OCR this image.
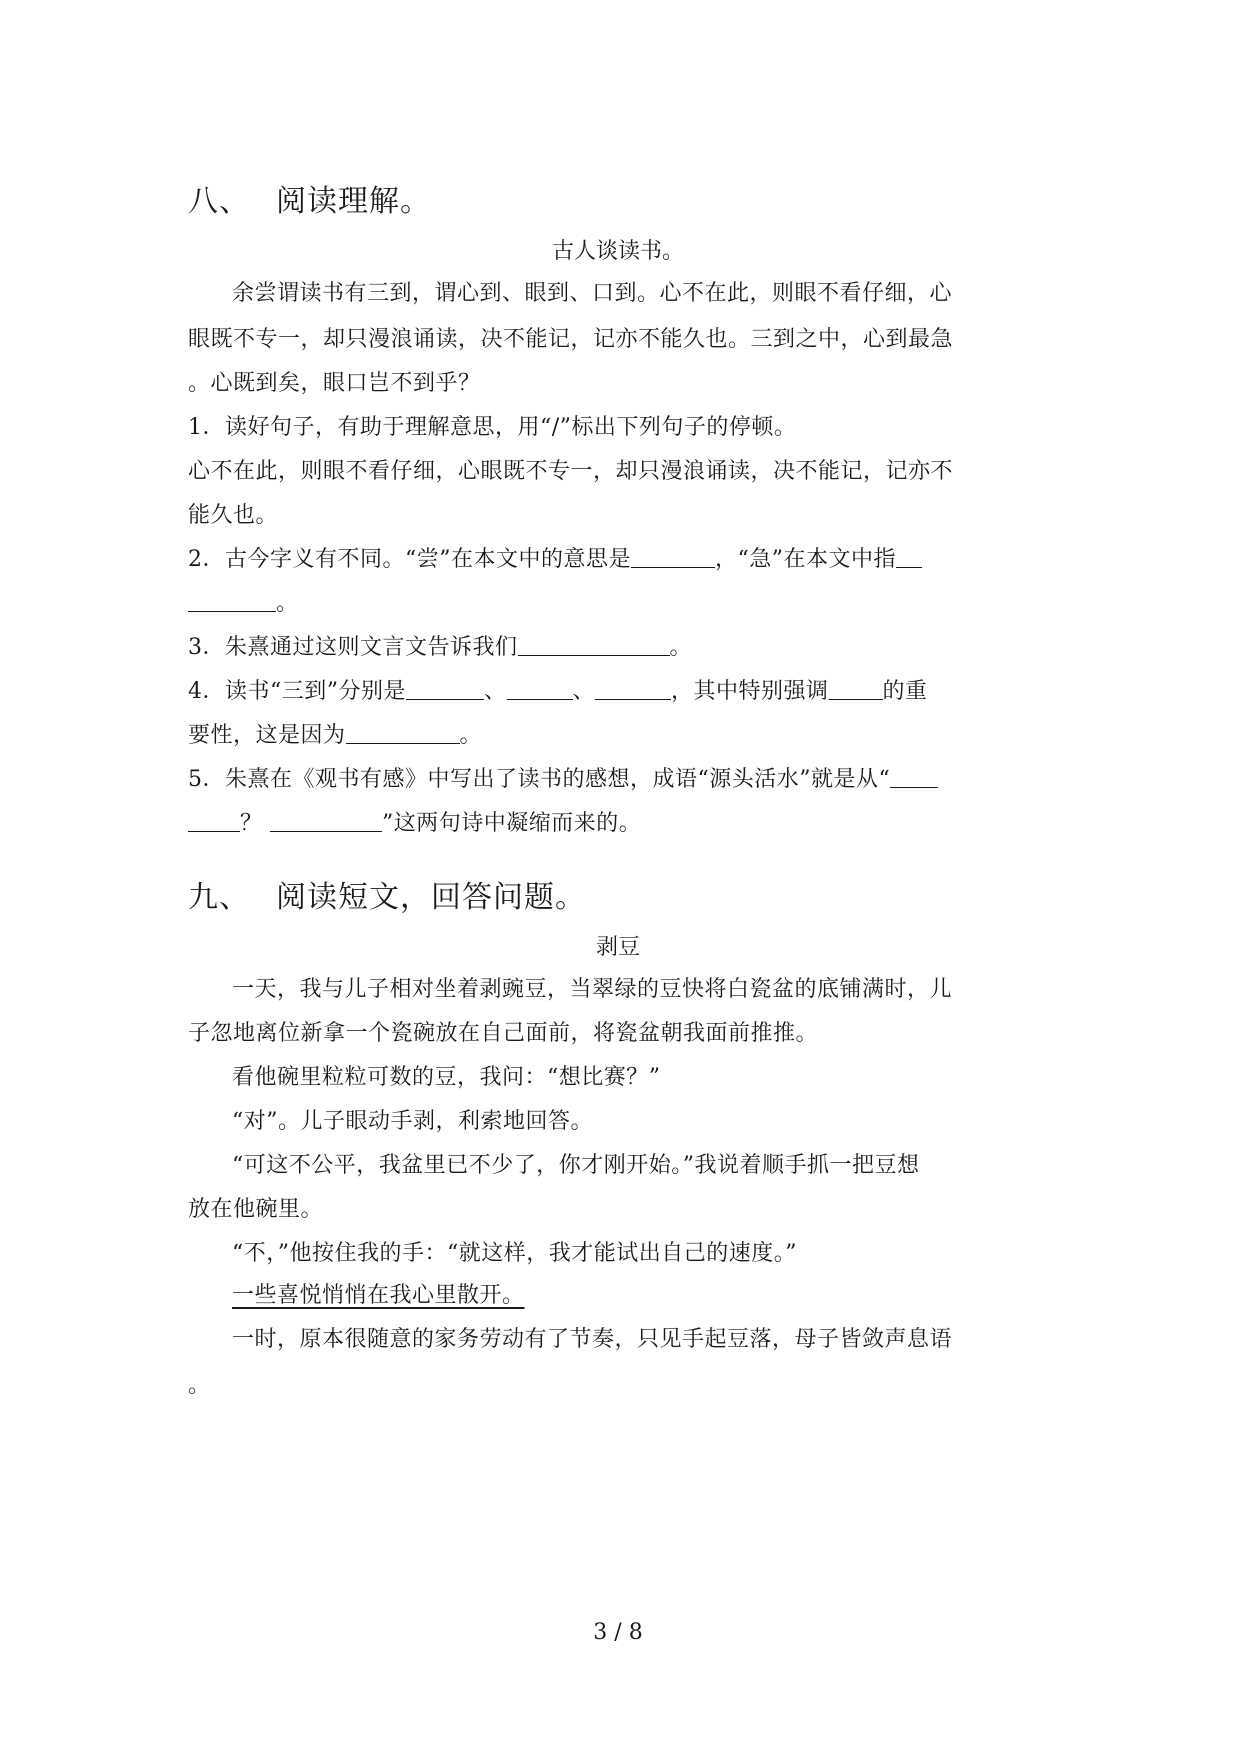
八、 阅读理解。
古人谈读书。
余尝谓读书有三到，谓心到、眼到、口到。心不在此，则眼不看仔细，心
眼既不专一，却只漫浪诵读，决不能记，记亦不能久也。三到之中，心到最急
。心既到矣，眼口岂不到乎？
1．读好句子，有助于理解意思，用“/”标出下列句子的停顿。
心不在此，则眼不看仔细，心眼既不专一，却只漫浪诵读，决不能记，记亦不
能久也。
2．古今字义有不同。“尝”在本文中的意思是	，“急”在本文中指
。
3．朱熹通过这则文言文告诉我们	。
4．读书“三到”分别是	、	、	，其中特别强调 的重
要性，这是因为	。
5．朱熹在《观书有感》中写出了读书的感想，成语“源头活水”就是从“
？	”这两句诗中凝缩而来的。
九、 阅读短文，回答问题。
剥豆
一天，我与儿子相对坐着剥豌豆，当翠绿的豆快将白瓷盆的底铺满时，儿
子忽地离位新拿一个瓷碗放在自己面前，将瓷盆朝我面前推推。
看他碗里粒粒可数的豆，我问：“想比赛？”
“对”。儿子眼动手剥，利索地回答。
“可这不公平，我盆里已不少了，你才刚开始。”我说着顺手抓一把豆想
放在他碗里。
“不，”他按住我的手：“就这样，我才能试出自己的速度。”
一些喜悦悄悄在我心里散开。
一时，原本很随意的家务劳动有了节奏，只见手起豆落，母子皆敛声息语
。
3 / 8
